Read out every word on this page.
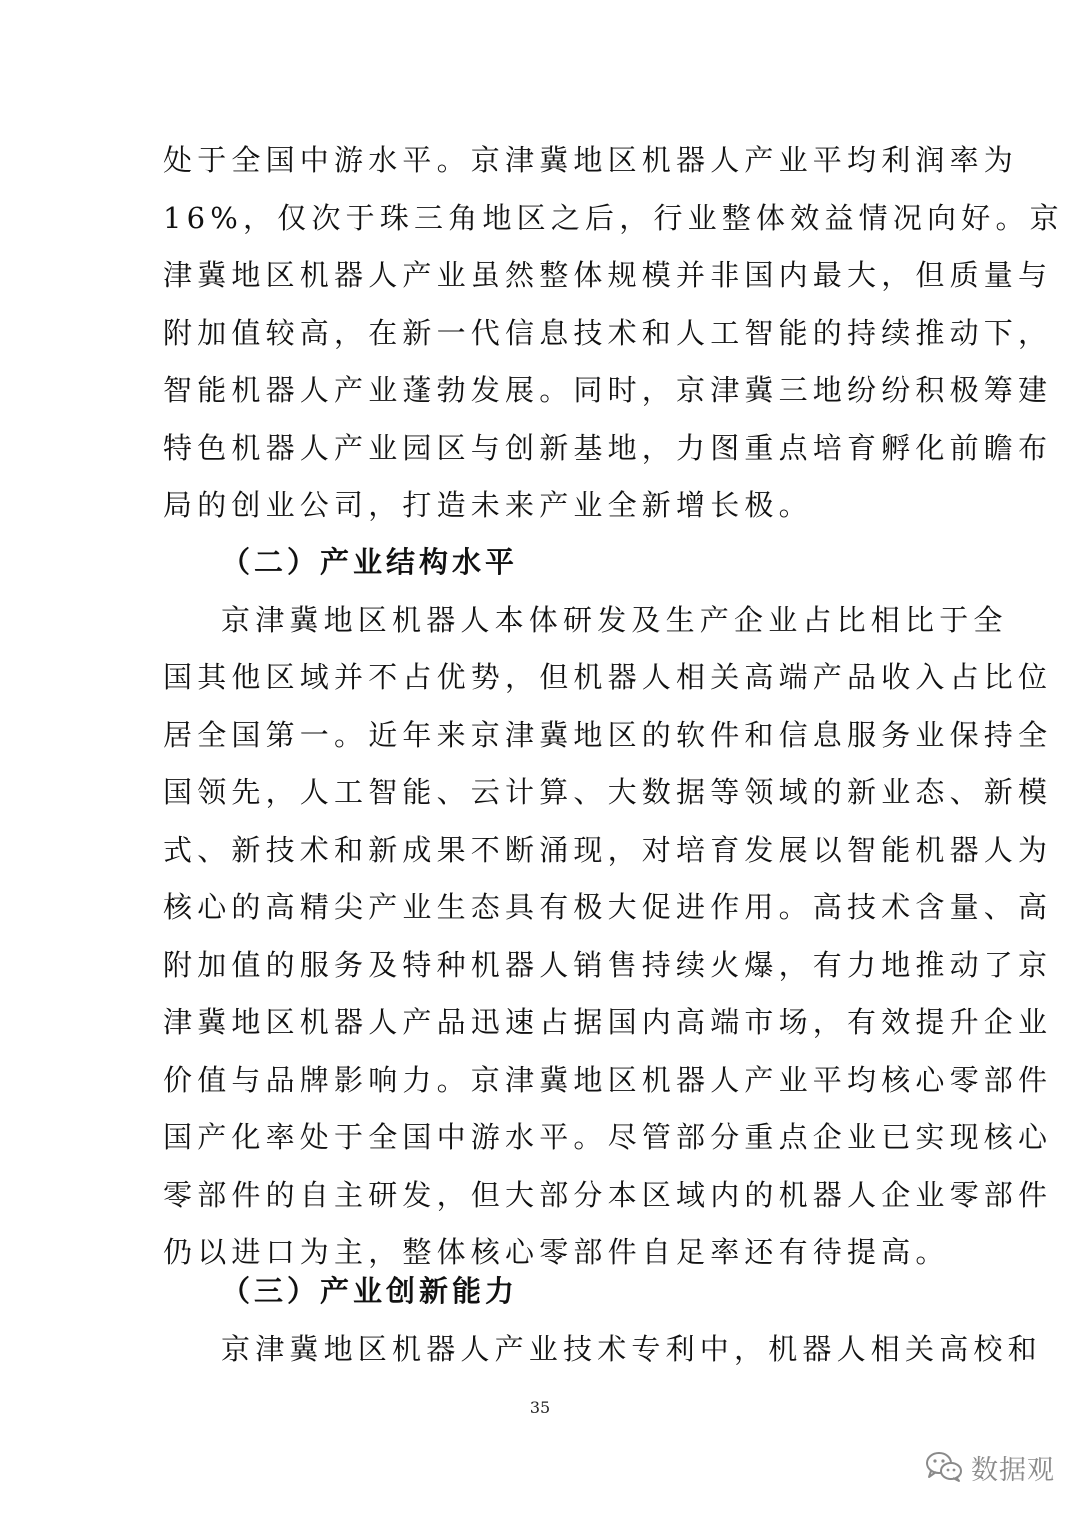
处于全国中游水平。京津冀地区机器人产业平均利润率为
16%，仅次于珠三角地区之后，行业整体效益情况向好。京
津冀地区机器人产业虽然整体规模并非国内最大，但质量与
附加值较高，在新一代信息技术和人工智能的持续推动下，
智能机器人产业蓬勃发展。同时，京津冀三地纷纷积极筹建
特色机器人产业园区与创新基地，力图重点培育孵化前瞻布
局的创业公司，打造未来产业全新增长极。
（二）产业结构水平
京津冀地区机器人本体研发及生产企业占比相比于全
国其他区域并不占优势，但机器人相关高端产品收入占比位
居全国第一。近年来京津冀地区的软件和信息服务业保持全
国领先，人工智能、云计算、大数据等领域的新业态、新模
式、新技术和新成果不断涌现，对培育发展以智能机器人为
核心的高精尖产业生态具有极大促进作用。高技术含量、高
附加值的服务及特种机器人销售持续火爆，有力地推动了京
津冀地区机器人产品迅速占据国内高端市场，有效提升企业
价值与品牌影响力。京津冀地区机器人产业平均核心零部件
国产化率处于全国中游水平。尽管部分重点企业已实现核心
零部件的自主研发，但大部分本区域内的机器人企业零部件
仍以进口为主，整体核心零部件自足率还有待提高。
（三）产业创新能力
京津冀地区机器人产业技术专利中，机器人相关高校和
35
数据观
